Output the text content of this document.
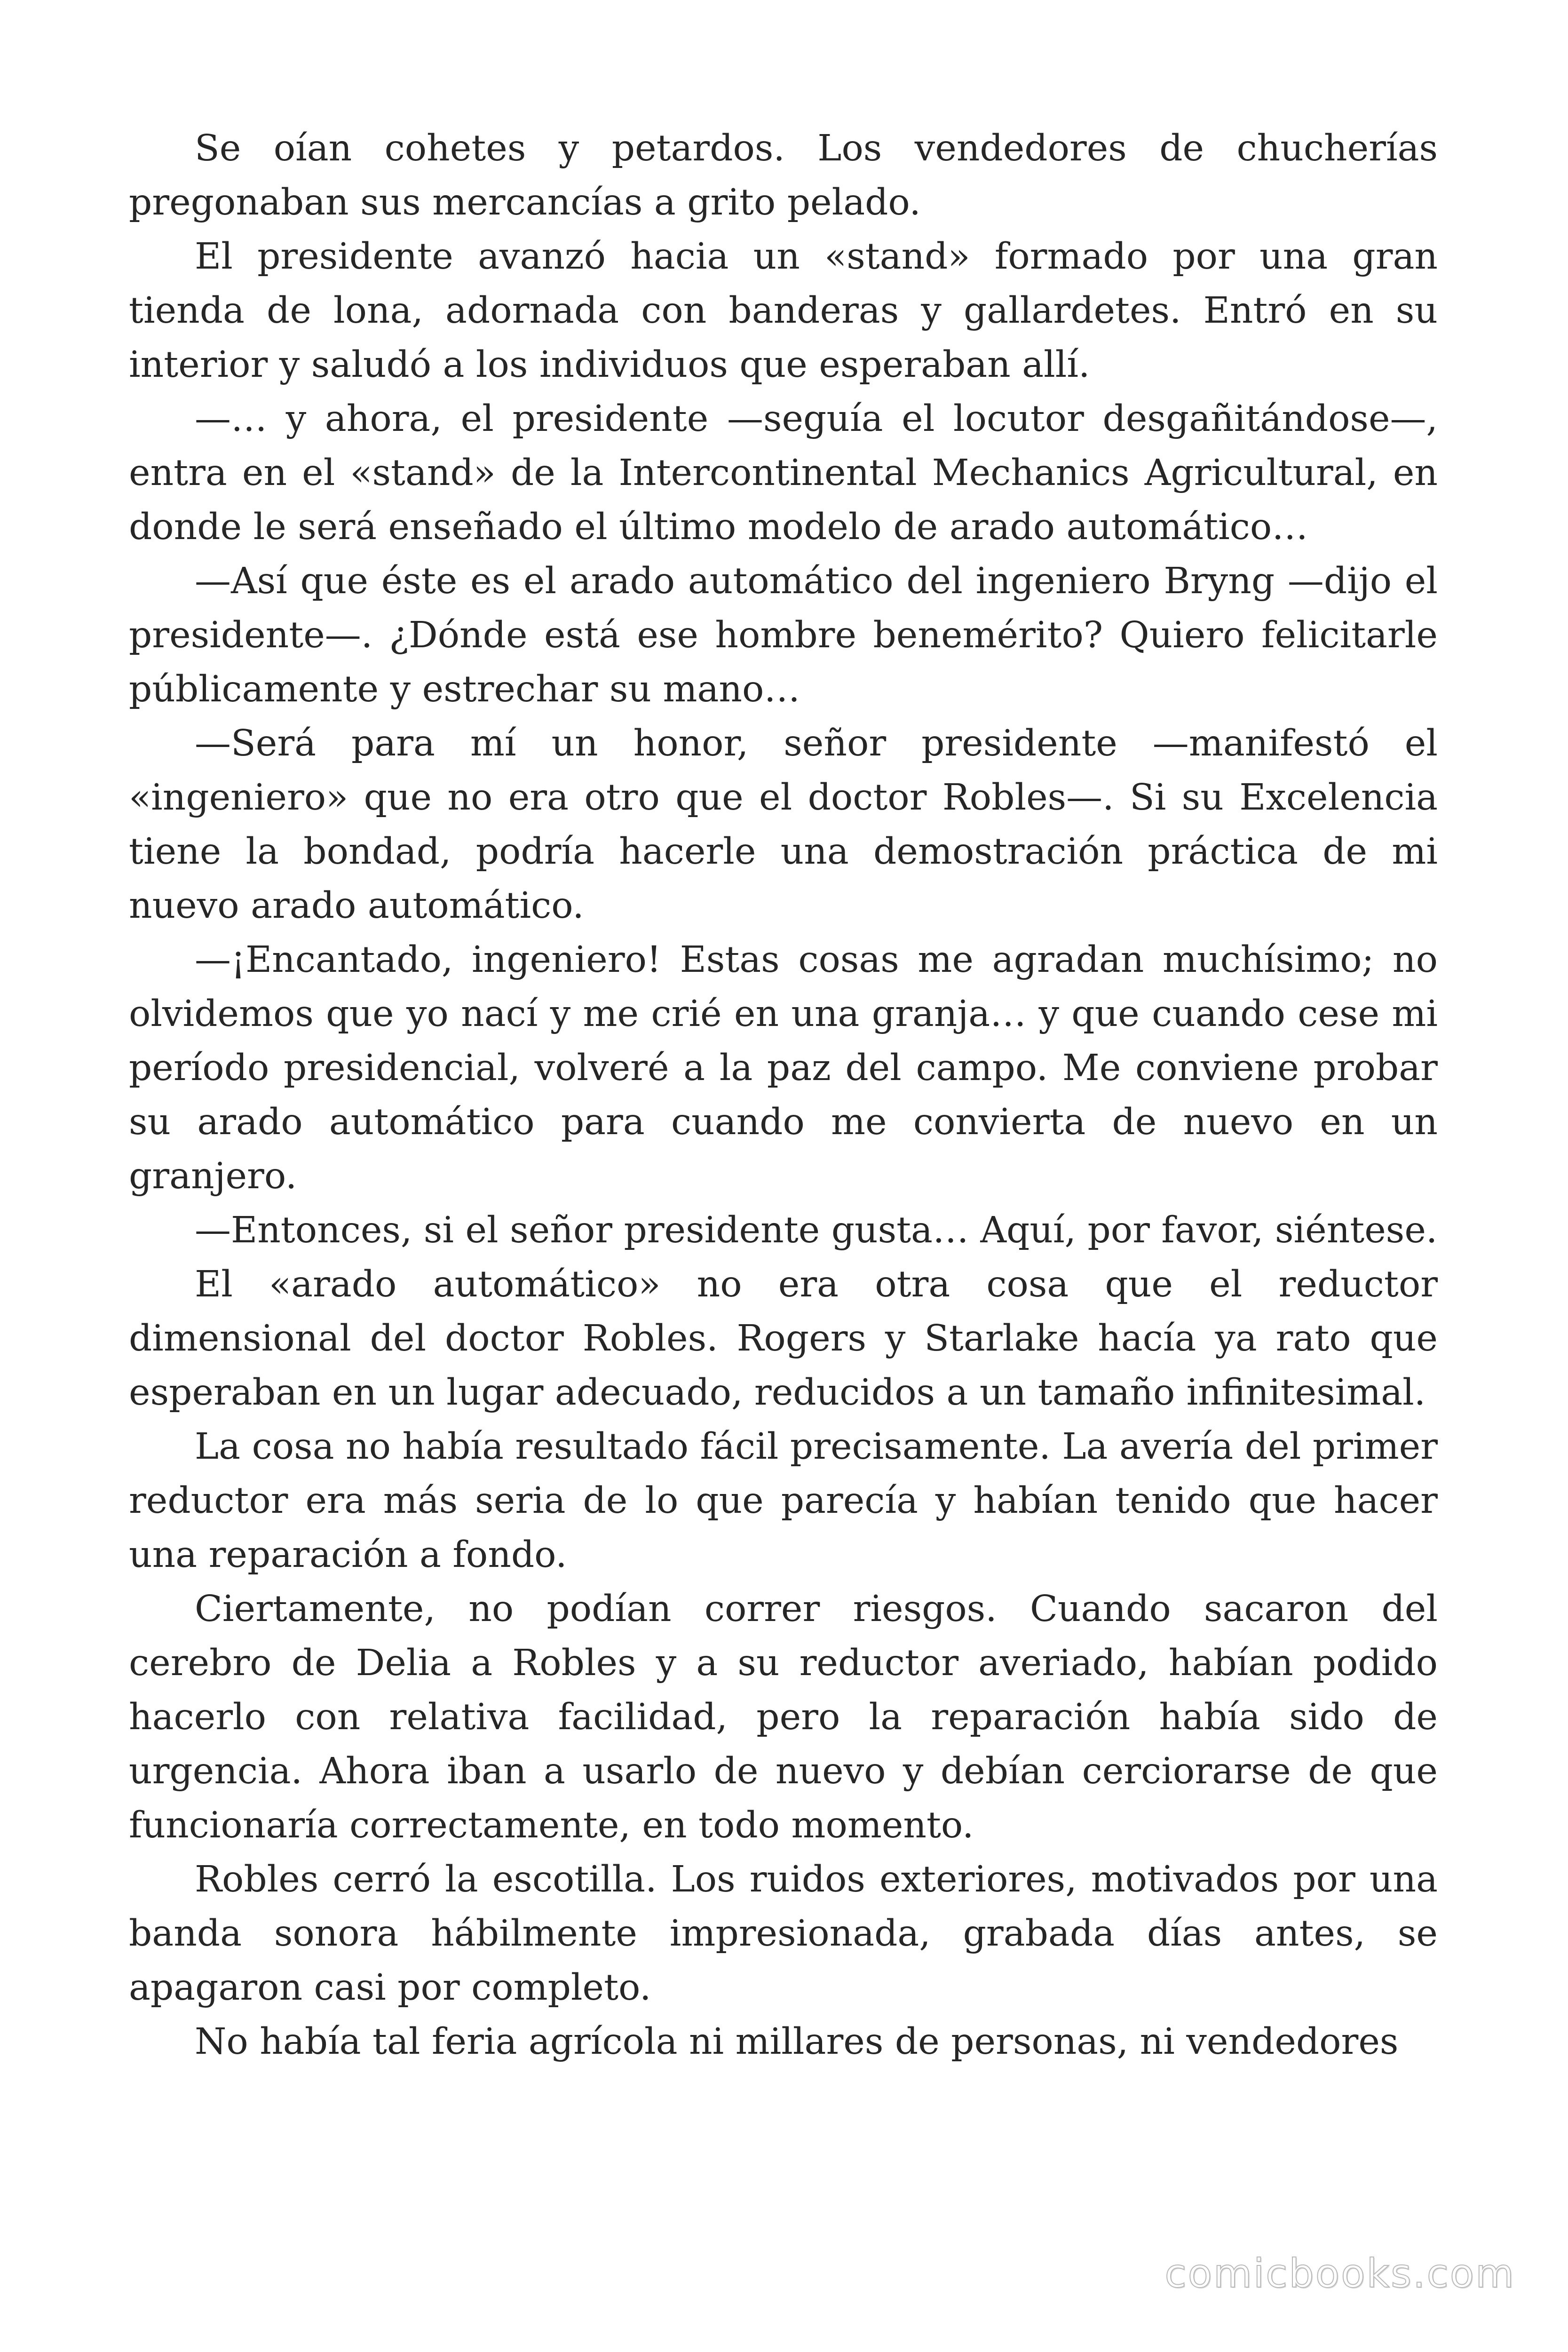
Se oían cohetes y petardos. Los vendedores de chucherías pregonaban sus mercancías a grito pelado.

El presidente avanzó hacia un «stand» formado por una gran tienda de lona, adornada con banderas y gallardetes. Entró en su interior y saludó a los individuos que esperaban allí.

—… y ahora, el presidente —seguía el locutor desgañitándose—, entra en el «stand» de la Intercontinental Mechanics Agricultural, en donde le será enseñado el último modelo de arado automático…

—Así que éste es el arado automático del ingeniero Bryng —dijo el presidente—. ¿Dónde está ese hombre benemérito? Quiero felicitarle públicamente y estrechar su mano…

—Será para mí un honor, señor presidente —manifestó el «ingeniero» que no era otro que el doctor Robles—. Si su Excelencia tiene la bondad, podría hacerle una demostración práctica de mi nuevo arado automático.

—¡Encantado, ingeniero! Estas cosas me agradan muchísimo; no olvidemos que yo nací y me crié en una granja… y que cuando cese mi período presidencial, volveré a la paz del campo. Me conviene probar su arado automático para cuando me convierta de nuevo en un granjero.

—Entonces, si el señor presidente gusta… Aquí, por favor, siéntese.

El «arado automático» no era otra cosa que el reductor dimensional del doctor Robles. Rogers y Starlake hacía ya rato que esperaban en un lugar adecuado, reducidos a un tamaño infinitesimal.

La cosa no había resultado fácil precisamente. La avería del primer reductor era más seria de lo que parecía y habían tenido que hacer una reparación a fondo.

Ciertamente, no podían correr riesgos. Cuando sacaron del cerebro de Delia a Robles y a su reductor averiado, habían podido hacerlo con relativa facilidad, pero la reparación había sido de urgencia. Ahora iban a usarlo de nuevo y debían cerciorarse de que funcionaría correctamente, en todo momento.

Robles cerró la escotilla. Los ruidos exteriores, motivados por una banda sonora hábilmente impresionada, grabada días antes, se apagaron casi por completo.

No había tal feria agrícola ni millares de personas, ni vendedores

comicbooks.com
